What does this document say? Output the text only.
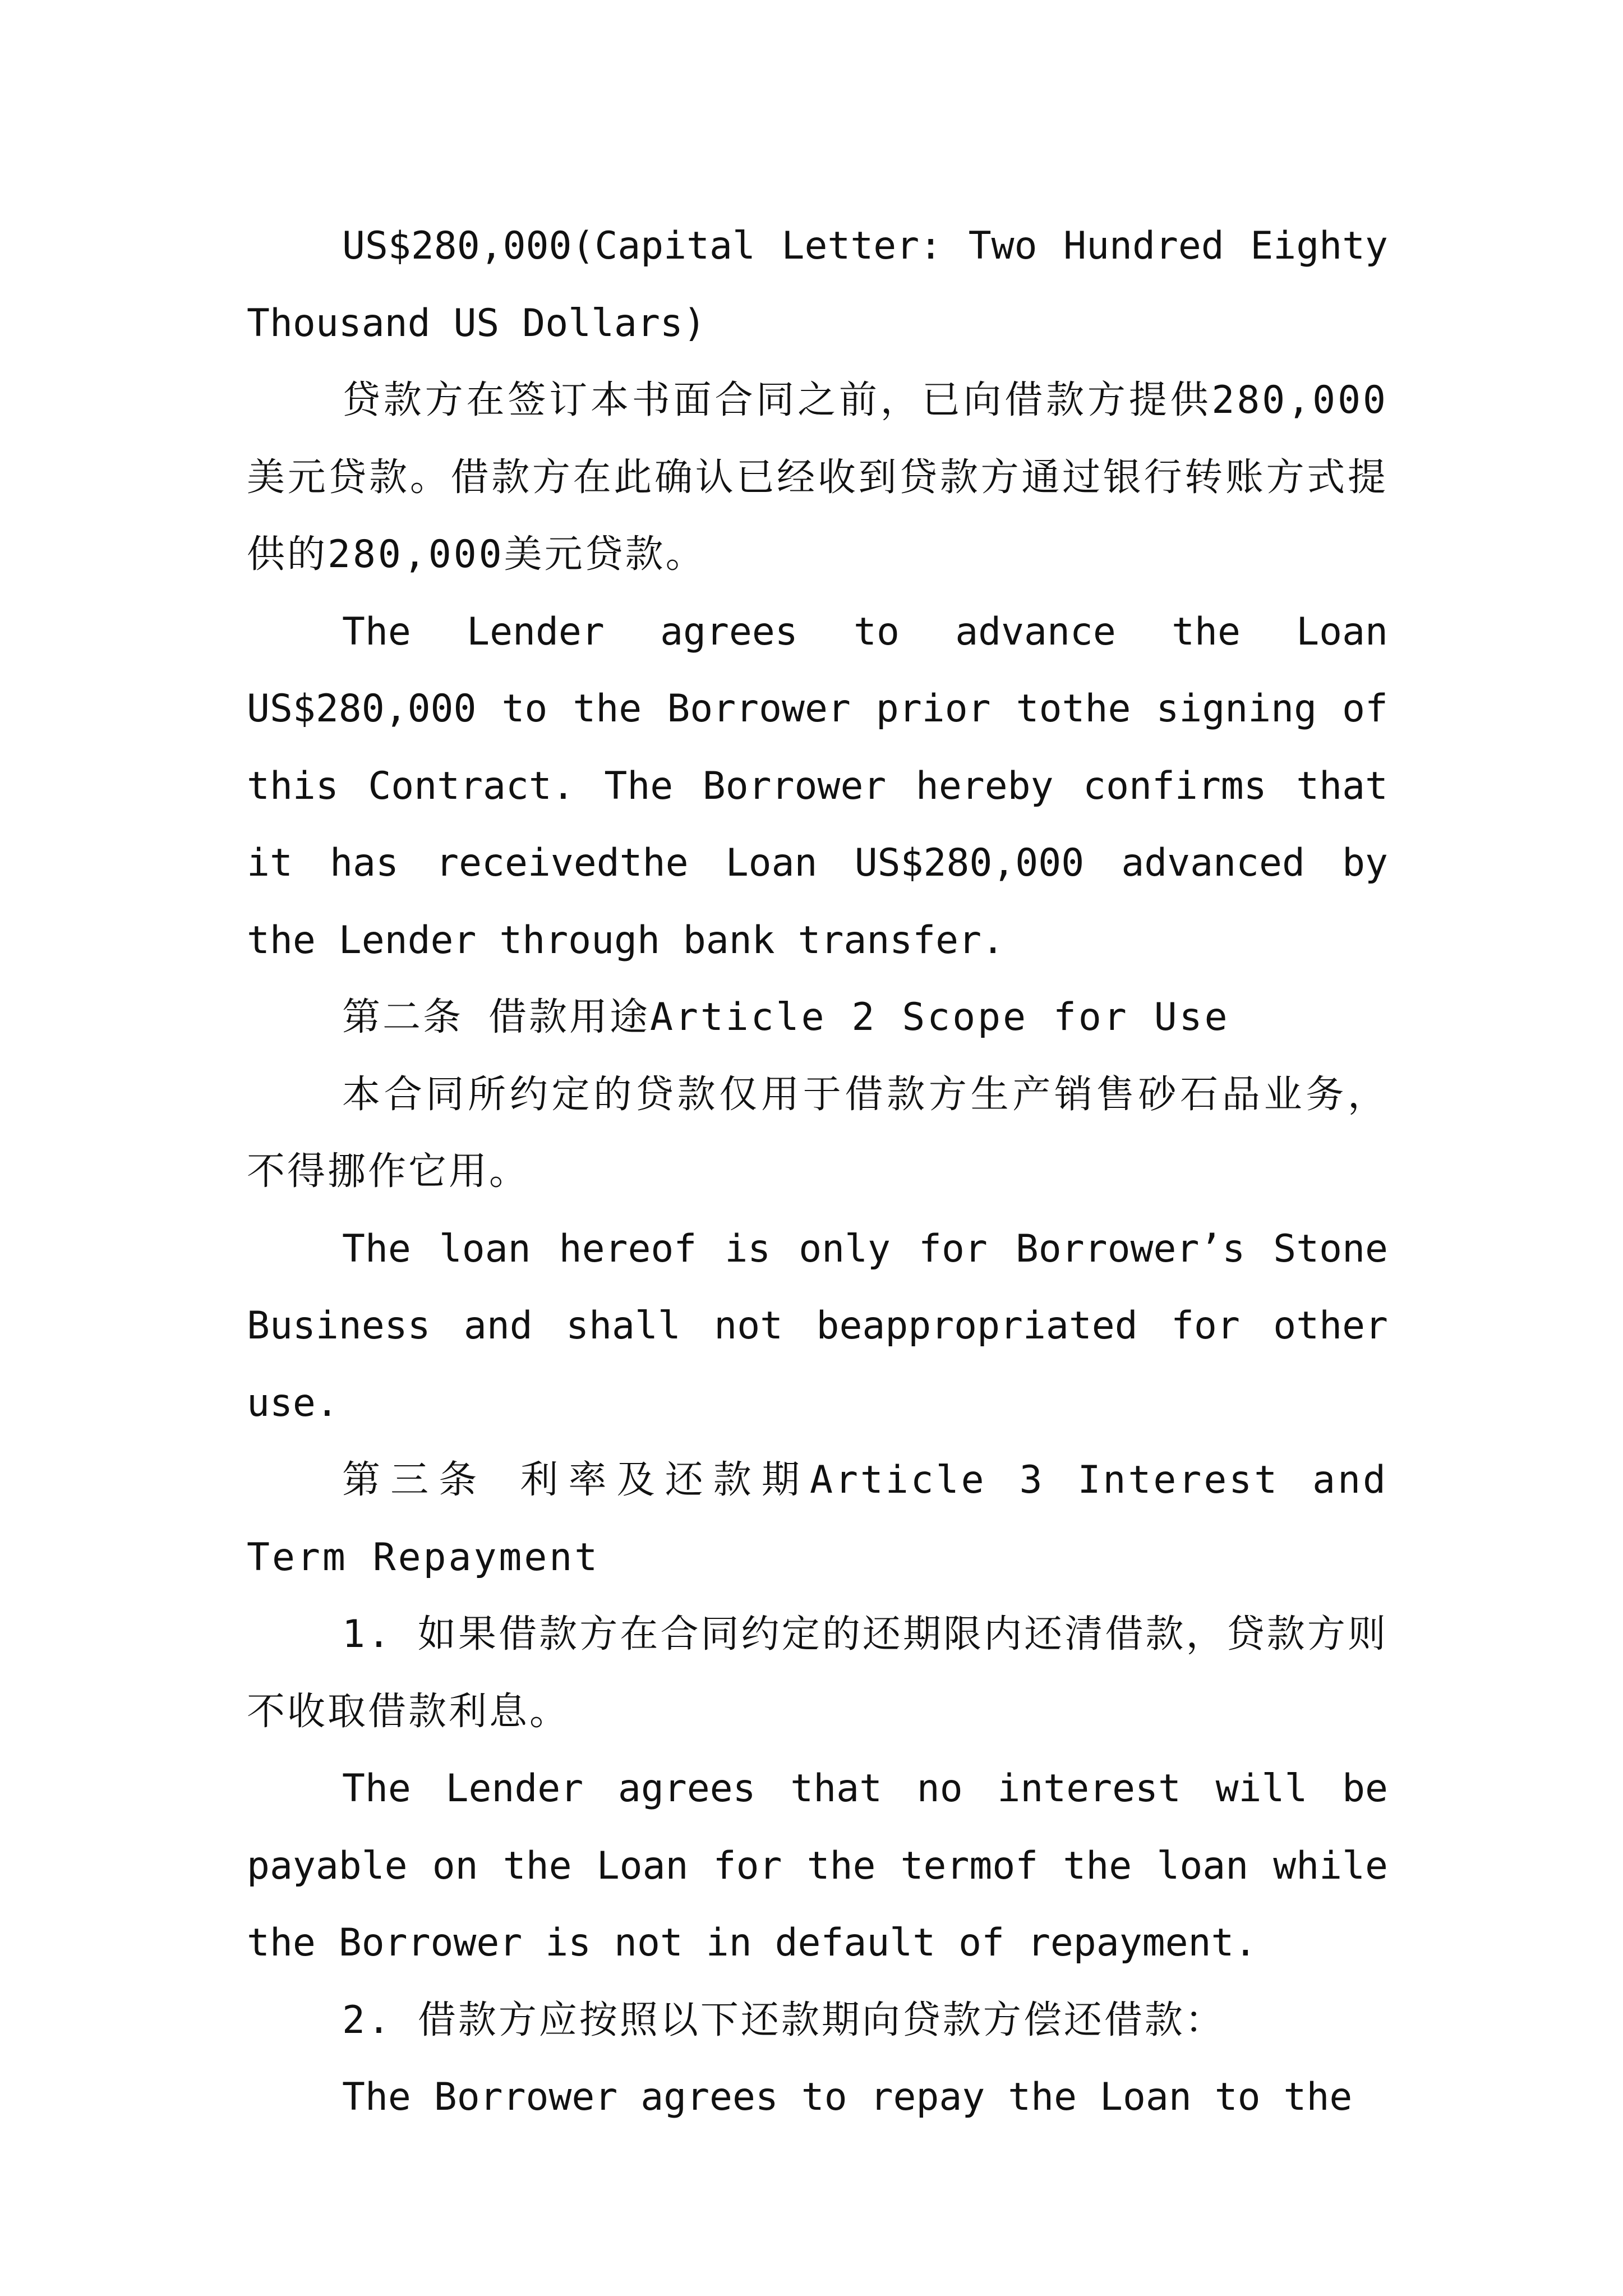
US$280,000(Capital Letter: Two Hundred Eighty Thousand US Dollars)

贷款方在签订本书面合同之前，已向借款方提供280,000美元贷款。借款方在此确认已经收到贷款方通过银行转账方式提供的280,000美元贷款。

The Lender agrees to advance the Loan US$280,000 to the Borrower prior tothe signing of this Contract. The Borrower hereby confirms that it has receivedthe Loan US$280,000 advanced by the Lender through bank transfer.

第二条 借款用途Article 2 Scope for Use

本合同所约定的贷款仅用于借款方生产销售砂石品业务，不得挪作它用。

The loan hereof is only for Borrower’s Stone Business and shall not beappropriated for other use.

第三条 利率及还款期Article 3 Interest and Term Repayment

1. 如果借款方在合同约定的还期限内还清借款，贷款方则不收取借款利息。

The Lender agrees that no interest will be payable on the Loan for the termof the loan while the Borrower is not in default of repayment.

2. 借款方应按照以下还款期向贷款方偿还借款：

The Borrower agrees to repay the Loan to the
